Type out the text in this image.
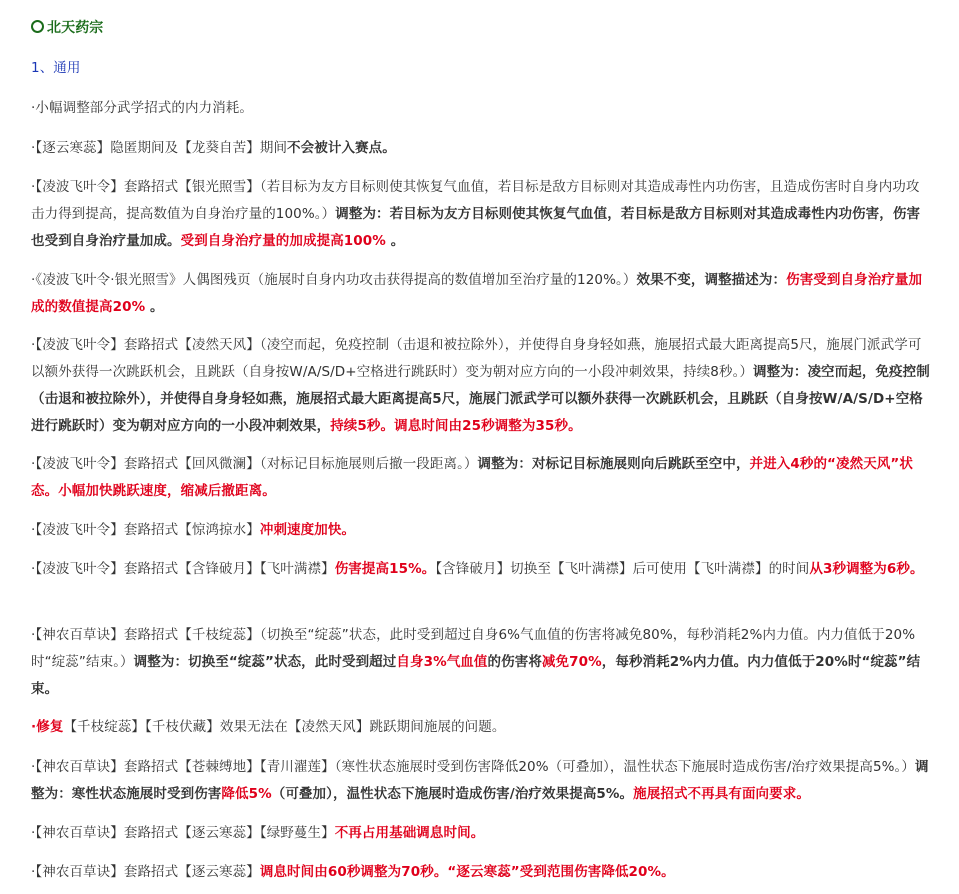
北天药宗

1、通用

·小幅调整部分武学招式的内力消耗。

·【逐云寒蕊】隐匿期间及【龙葵自苦】期间不会被计入赛点。

·【凌波飞叶令】套路招式【银光照雪】（若目标为友方目标则使其恢复气血值，若目标是敌方目标则对其造成毒性内功伤害，且造成伤害时自身内功攻击力得到提高，提高数值为自身治疗量的100%。）调整为：若目标为友方目标则使其恢复气血值，若目标是敌方目标则对其造成毒性内功伤害，伤害也受到自身治疗量加成。受到自身治疗量的加成提高100% 。

·《凌波飞叶令·银光照雪》人偶图残页（施展时自身内功攻击获得提高的数值增加至治疗量的120%。）效果不变，调整描述为：伤害受到自身治疗量加成的数值提高20% 。

·【凌波飞叶令】套路招式【凌然天风】（凌空而起，免疫控制（击退和被拉除外），并使得自身身轻如燕，施展招式最大距离提高5尺，施展门派武学可以额外获得一次跳跃机会，且跳跃（自身按W/A/S/D+空格进行跳跃时）变为朝对应方向的一小段冲刺效果，持续8秒。）调整为：凌空而起，免疫控制（击退和被拉除外），并使得自身身轻如燕，施展招式最大距离提高5尺，施展门派武学可以额外获得一次跳跃机会，且跳跃（自身按W/A/S/D+空格进行跳跃时）变为朝对应方向的一小段冲刺效果，持续5秒。调息时间由25秒调整为35秒。

·【凌波飞叶令】套路招式【回风微澜】（对标记目标施展则后撤一段距离。）调整为：对标记目标施展则向后跳跃至空中，并进入4秒的“凌然天风”状态。小幅加快跳跃速度，缩减后撤距离。

·【凌波飞叶令】套路招式【惊鸿掠水】冲刺速度加快。

·【凌波飞叶令】套路招式【含锋破月】【飞叶满襟】伤害提高15%。【含锋破月】切换至【飞叶满襟】后可使用【飞叶满襟】的时间从3秒调整为6秒。

·【神农百草诀】套路招式【千枝绽蕊】（切换至“绽蕊”状态，此时受到超过自身6%气血值的伤害将减免80%，每秒消耗2%内力值。内力值低于20%时“绽蕊”结束。）调整为：切换至“绽蕊”状态，此时受到超过自身3%气血值的伤害将减免70%，每秒消耗2%内力值。内力值低于20%时“绽蕊”结束。

·修复【千枝绽蕊】【千枝伏藏】效果无法在【凌然天风】跳跃期间施展的问题。

·【神农百草诀】套路招式【苍棘缚地】【青川濯莲】（寒性状态施展时受到伤害降低20%（可叠加），温性状态下施展时造成伤害/治疗效果提高5%。）调整为：寒性状态施展时受到伤害降低5%（可叠加），温性状态下施展时造成伤害/治疗效果提高5%。施展招式不再具有面向要求。

·【神农百草诀】套路招式【逐云寒蕊】【绿野蔓生】不再占用基础调息时间。

·【神农百草诀】套路招式【逐云寒蕊】调息时间由60秒调整为70秒。“逐云寒蕊”受到范围伤害降低20%。
